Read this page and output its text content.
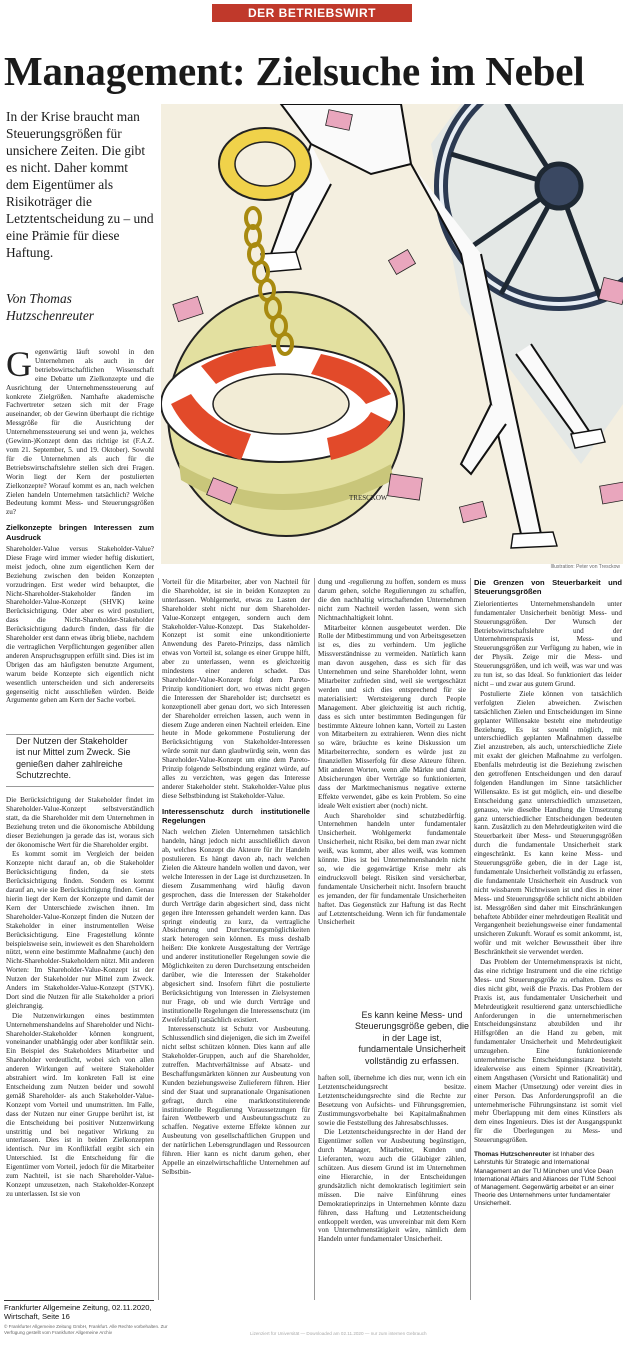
DER BETRIEBSWIRT
Management: Zielsuche im Nebel
In der Krise braucht man Steuerungsgrößen für unsichere Zeiten. Die gibt es nicht. Daher kommt dem Eigentümer als Risikoträger die Letztentscheidung zu – und eine Prämie für diese Haftung.
Von Thomas Hutzschenreuter
TRESCKOW
Illustration: Peter von Tresckow

Gegenwärtig läuft sowohl in den Unternehmen als auch in der betriebswirtschaftlichen Wissenschaft eine Debatte um Zielkonzepte und die Ausrichtung der Unternehmenssteuerung auf konkrete Zielgrößen. Namhafte akademische Fachvertreter setzen sich mit der Frage auseinander, ob der Gewinn überhaupt die richtige Messgröße für die Ausrichtung der Unternehmenssteuerung sei und wenn ja, welches (Gewinn-)Konzept denn das richtige ist (F.A.Z. vom 21. September, 5. und 19. Oktober). Sowohl für die Unternehmen als auch für die Betriebswirtschaftslehre stellen sich drei Fragen. Worin liegt der Kern der postulierten Zielkonzepte? Worauf kommt es an, nach welchen Zielen handeln Unternehmen tatsächlich? Welche Bedeutung kommt Mess- und Steuerungsgrößen zu?

Zielkonzepte bringen Interessen zum Ausdruck

Shareholder-Value versus Stakeholder-Value? Diese Frage wird immer wieder heftig diskutiert, meist jedoch, ohne zum eigentlichen Kern der Beziehung zwischen den beiden Konzepten vorzudringen. Erst weder wird behauptet, die Nicht-Shareholder-Stakeholder fänden im Shareholder-Value-Konzept (SHVK) keine Berücksichtigung. Oder aber es wird postuliert, dass die Nicht-Shareholder-Stakeholder Berücksichtigung dadurch finden, dass für die Shareholder erst dann etwas übrig bliebe, nachdem die vertraglichen Verpflichtungen gegenüber allen anderen Anspruchsgruppen erfüllt sind. Dies ist im Übrigen das am häufigsten benutzte Argument, warum beide Konzepte sich eigentlich nicht wesentlich unterscheiden und sich andererseits gegenseitig nicht ausschließen würden. Beide Argumente gehen am Kern der Sache vorbei.

Der Nutzen der Stakeholder ist nur Mittel zum Zweck. Sie genießen daher zahlreiche Schutzrechte.

Die Berücksichtigung der Stakeholder findet im Shareholder-Value-Konzept selbstverständlich statt, da die Shareholder mit dem Unternehmen in Beziehung treten und die ökonomische Abbildung dieser Beziehungen ja gerade das ist, woraus sich der ökonomische Wert für die Shareholder ergibt.

Es kommt somit im Vergleich der beiden Konzepte nicht darauf an, ob die Stakeholder Berücksichtigung finden, da sie stets Berücksichtigung finden. Sondern es kommt darauf an, wie sie Berücksichtigung finden. Genau hierin liegt der Kern der Konzepte und damit der Kern der Unterschiede zwischen ihnen. Im Shareholder-Value-Konzept finden die Nutzen der Stakeholder in einer instrumentellen Weise Berücksichtigung. Eine Fragestellung könnte beispielsweise sein, inwieweit es den Shareholdern nützt, wenn eine bestimmte Maßnahme (auch) den Nicht-Shareholder-Stakeholdern nützt. Mit anderen Worten: Im Shareholder-Value-Konzept ist der Nutzen der Stakeholder nur Mittel zum Zweck. Anders im Stakeholder-Value-Konzept (STVK). Dort sind die Nutzen für alle Stakeholder a priori gleichrangig.

Die Nutzenwirkungen eines bestimmten Unternehmenshandelns auf Shareholder und Nicht-Shareholder-Stakeholder können kongruent, voneinander unabhängig oder aber konfliktär sein. Ein Beispiel des Stakeholders Mitarbeiter und Shareholder verdeutlicht, wobei sich von allen anderen Wirkungen auf weitere Stakeholder abstrahiert wird. Im konkreten Fall ist eine Entscheidung zum Nutzen beider und sowohl gemäß Shareholder- als auch Stakeholder-Value-Konzept vom Vorteil und unumstritten. Im Falle, dass der Nutzen nur einer Gruppe berührt ist, ist die Entscheidung bei positiver Nutzenwirkung unstrittig und bei negativer Wirkung zu unterlassen. Dies ist in beiden Zielkonzepten identisch. Nur im Konfliktfall ergibt sich ein Unterschied. Ist die Entscheidung für die Eigentümer vom Vorteil, jedoch für die Mitarbeiter zum Nachteil, ist sie nach Shareholder-Value-Konzept umzusetzen, nach Stakeholder-Konzept zu unterlassen. Ist sie von

Vorteil für die Mitarbeiter, aber von Nachteil für die Shareholder, ist sie in beiden Konzepten zu unterlassen. Wohlgemerkt, etwas zu Lasten der Shareholder steht nicht nur dem Shareholder-Value-Konzept entgegen, sondern auch dem Stakeholder-Value-Konzept. Das Stakeholder-Konzept ist somit eine unkonditionierte Anwendung des Pareto-Prinzips, dass nämlich etwas von Vorteil ist, solange es einer Gruppe hilft, aber zu unterlassen, wenn es gleichzeitig mindestens einer anderen schadet. Das Shareholder-Value-Konzept folgt dem Pareto-Prinzip konditioniert dort, wo etwas nicht gegen die Interessen der Shareholder ist; durchsetzt es konzeptionell aber genau dort, wo sich Interessen der Shareholder erreichen lassen, auch wenn in diesem Zuge anderen einen Nachteil erleiden. Eine heute in Mode gekommene Postulierung der Berücksichtigung von Stakeholder-Interessen würde somit nur dann glaubwürdig sein, wenn das Shareholder-Value-Konzept um eine dem Pareto-Prinzip folgende Selbstbindung ergänzt würde, auf alles zu verzichten, was gegen das Interesse anderer Stakeholder steht. Stakeholder-Value plus diese Selbstbindung ist Stakeholder-Value.

Interessenschutz durch institutionelle Regelungen

Nach welchen Zielen Unternehmen tatsächlich handeln, hängt jedoch nicht ausschließlich davon ab, welches Konzept die Akteure für ihr Handeln postulieren. Es hängt davon ab, nach welchen Zielen die Akteure handeln wollen und davon, wer welche Interessen in der Lage ist durchzusetzen. In diesem Zusammenhang wird häufig davon gesprochen, dass die Interessen der Stakeholder durch Verträge darin abgesichert sind, dass nicht gegen ihre Interessen gehandelt werden kann. Das springt eindeutig zu kurz, da vertragliche Absicherung und Durchsetzungsmöglichkeiten stark heterogen sein können. Es muss deshalb heißen: Die konkrete Ausgestaltung der Verträge und anderer institutioneller Regelungen sowie die Möglichkeiten zu deren Durchsetzung entscheiden darüber, wie die Interessen der Stakeholder abgesichert sind. Insofern führt die postulierte Berücksichtigung von Interessen in Zielsystemen nur Frage, ob und wie durch Verträge und institutionelle Regelungen die Interessenschutz (im Zweifelsfall) tatsächlich existiert.

Interessenschutz ist Schutz vor Ausbeutung. Schlussendlich sind diejenigen, die sich im Zweifel nicht selbst schützen können. Dies kann auf alle Stakeholder-Gruppen, auch auf die Shareholder, zutreffen. Machtverhältnisse auf Absatz- und Beschaffungsmärkten können zur Ausbeutung von Kunden beziehungsweise Zulieferern führen. Hier sind der Staat und supranationale Organisationen gefragt, durch eine marktkonstituierende institutionelle Regulierung Voraussetzungen für fairen Wettbewerb und Ausbeutungsschutz zu schaffen. Negative externe Effekte können zur Ausbeutung von gesellschaftlichen Gruppen und der natürlichen Lebensgrundlagen und Ressourcen führen. Hier kann es nicht darum gehen, eher Appelle an einzelwirtschaftliche Unternehmen auf Selbstbin-

dung und -regulierung zu hoffen, sondern es muss darum gehen, solche Regulierungen zu schaffen, die den nachhaltig wirtschaftenden Unternehmen nicht zum Nachteil werden lassen, wenn sich Nichtnachhaltigkeit lohnt.

Mitarbeiter können ausgebeutet werden. Die Rolle der Mitbestimmung und von Arbeitsgesetzen ist es, dies zu verhindern. Um jegliche Missverständnisse zu vermeiden. Natürlich kann man davon ausgehen, dass es sich für das Unternehmen und seine Shareholder lohnt, wenn Mitarbeiter zufrieden sind, weil sie wertgeschätzt werden und sich dies entsprechend für sie materialisiert: Wertsteigerung durch People Management. Aber gleichzeitig ist auch richtig, dass es sich unter bestimmten Bedingungen für bestimmte Akteure lohnen kann, Vorteil zu Lasten von Mitarbeitern zu extrahieren. Wenn dies nicht so wäre, bräuchte es keine Diskussion um Mitarbeiterrechte, sondern es würde just zu finanziellen Misserfolg für diese Akteure führen. Mit anderen Worten, wenn alle Märkte und damit Absicherungen über Verträge so funktionierten, dass der Marktmechanismus negative externe Effekte verwendet, gäbe es kein Problem. So eine ideale Welt existiert aber (noch) nicht.

Auch Shareholder sind schutzbedürftig. Unternehmen handeln unter fundamentaler Unsicherheit. Wohlgemerkt fundamentale Unsicherheit, nicht Risiko, bei dem man zwar nicht weiß, was kommt, aber alles weiß, was kommen könnte. Dies ist bei Unternehmenshandeln nicht so, wie die gegenwärtige Krise mehr als eindrucksvoll belegt. Risiken sind versicherbar, fundamentale Unsicherheit nicht. Insofern braucht es jemanden, der für fundamentale Unsicherheiten haftet. Das Gegenstück zur Haftung ist das Recht auf Letztentscheidung. Wenn ich für fundamentale Unsicherheit

Es kann keine Mess- und Steuerungsgröße geben, die in der Lage ist, fundamentale Unsicherheit vollständig zu erfassen.

haften soll, übernehme ich dies nur, wenn ich ein Letztentscheidungsrecht besitze. Letztentscheidungsrechte sind die Rechte zur Besetzung von Aufsichts- und Führungsgremien, Zustimmungsvorbehalte bei Kapitalmaßnahmen sowie die Feststellung des Jahresabschlusses.

Die Letztentscheidungsrechte in der Hand der Eigentümer sollen vor Ausbeutung begünstigen, durch Manager, Mitarbeiter, Kunden und Lieferanten, wozu auch die Gläubiger zählen, schützen. Aus diesem Grund ist im Unternehmen eine Hierarchie, in der Entscheidungen grundsätzlich nicht demokratisch legitimiert sein müssen. Die naive Einführung eines Demokratieprinzips in Unternehmen könnte dazu führen, dass Haftung und Letztentscheidung entkoppelt werden, was unvereinbar mit dem Kern von Unternehmenstätigkeit wäre, nämlich dem Handeln unter fundamentaler Unsicherheit.

Die Grenzen von Steuerbarkeit und Steuerungsgrößen

Zielorientiertes Unternehmenshandeln unter fundamentaler Unsicherheit benötigt Mess- und Steuerungsgrößen. Der Wunsch der Betriebswirtschaftslehre und der Unternehmenspraxis ist, Mess- und Steuerungsgrößen zur Verfügung zu haben, wie in der Physik. Zeige mir die Mess- und Steuerungsgrößen, und ich weiß, was war und was zu tun ist, so das Ideal. So funktioniert das leider nicht – und zwar aus gutem Grund.

Postulierte Ziele können von tatsächlich verfolgten Zielen abweichen. Zwischen tatsächlichen Zielen und Entscheidungen im Sinne geplanter Willensakte besteht eine mehrdeutige Beziehung. Es ist sowohl möglich, mit unterschiedlich geplanten Maßnahmen dasselbe Ziel anzustreben, als auch, unterschiedliche Ziele mit exakt der gleichen Maßnahme zu verfolgen. Ebenfalls mehrdeutig ist die Beziehung zwischen den getroffenen Entscheidungen und den darauf folgenden Handlungen im Sinne tatsächlicher Willensakte. Es ist gut möglich, ein- und dieselbe Entscheidung ganz unterschiedlich umzusetzen, genauso, wie dieselbe Handlung die Umsetzung ganz unterschiedlicher Entscheidungen bedeuten kann. Zusätzlich zu den Mehrdeutigkeiten wird die Steuerbarkeit über Mess- und Steuerungsgrößen durch die fundamentale Unsicherheit stark eingeschränkt. Es kann keine Mess- und Steuerungsgröße geben, die in der Lage ist, fundamentale Unsicherheit vollständig zu erfassen, die fundamentale Unsicherheit ein Ausdruck von nicht wissbarem Nichtwissen ist und dies in einer Mess- und Steuerungsgröße schlicht nicht abbilden ist. Messgrößen sind daher mit Einschränkungen behaftete Abbilder einer mehrdeutigen Realität und Vergangenheit beziehungsweise einer fundamental unsicheren Zukunft. Worauf es somit ankommt, ist, wofür und mit welcher Bewusstheit über ihre Beschränktheit sie verwendet werden.

Das Problem der Unternehmenspraxis ist nicht, das eine richtige Instrument und die eine richtige Mess- und Steuerungsgröße zu erhalten. Dass es dies nicht gibt, weiß die Praxis. Das Problem der Praxis ist, aus fundamentaler Unsicherheit und Mehrdeutigkeit resultierend ganz unterschiedliche Anforderungen in die unternehmerischen Entscheidungsinstanz abzubilden und ihr Hilfsgrößen an die Hand zu geben, mit fundamentaler Unsicherheit und Mehrdeutigkeit umzugehen. Eine funktionierende unternehmerische Entscheidungsinstanz besteht idealerweise aus einem Spinner (Kreativität), einem Angsthasen (Vorsicht und Rationalität) und einem Macher (Umsetzung) oder vereint dies in einer Person. Das Anforderungsprofil an die unternehmerische Führungsinstanz ist somit viel mehr Überlappung mit dem eines Künstlers als dem eines Ingenieurs. Dies ist der Ausgangspunkt für die Überlegungen zu Mess- und Steuerungsgrößen.

Thomas Hutzschenreuter ist Inhaber des Lehrstuhls für Strategic and International Management an der TU München und Vice Dean International Affairs and Alliances der TUM School of Management. Gegenwärtig arbeitet er an einer Theorie des Unternehmens unter fundamentaler Unsicherheit.
Frankfurter Allgemeine Zeitung, 02.11.2020, Wirtschaft, Seite 16
© Frankfurter Allgemeine Zeitung GmbH, Frankfurt. Alle Rechte vorbehalten. Zur Verfügung gestellt vom Frankfurter Allgemeine Archiv	Lizenziert für Universität — Downloaded am 02.11.2020 — nur zum internen Gebrauch
